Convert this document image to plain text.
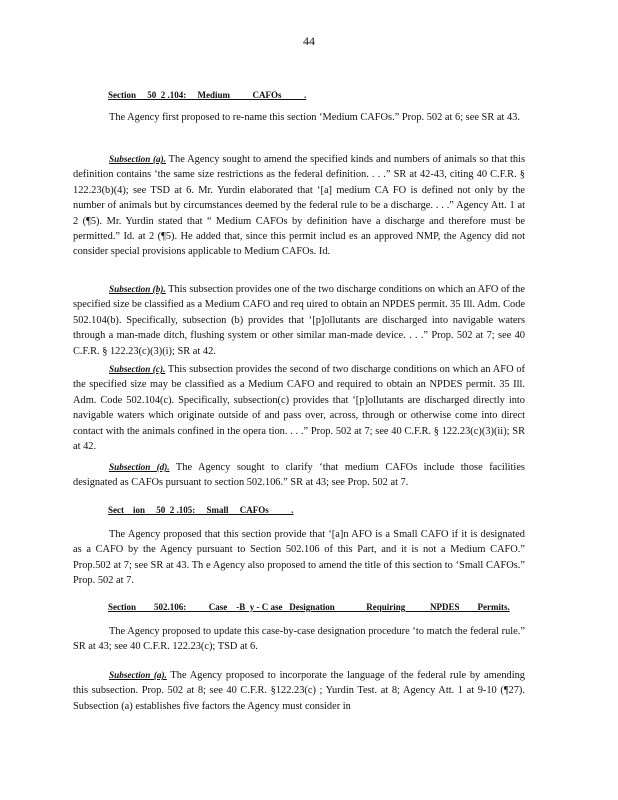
44
Section     50  2 .104:     Medium          CAFOs          .

The Agency first proposed to re-name this section ‘Medium CAFOs.” Prop. 502 at 6; see SR at 43.

Subsection (a). The Agency sought to amend the specified kinds and numbers of animals so that this definition contains ‘the same size restrictions as the federal definition. . . .” SR at 42-43, citing 40 C.F.R. § 122.23(b)(4); see TSD at 6. Mr. Yurdin elaborated that ‘[a] medium CA FO is defined not only by the number of animals but by circumstances deemed by the federal rule to be a discharge. . . .” Agency Att. 1 at 2 (¶5). Mr. Yurdin stated that “ Medium CAFOs by definition have a discharge and therefore must be permitted.” Id. at 2 (¶5). He added that, since this permit includ es an approved NMP, the Agency did not consider special provisions applicable to Medium CAFOs. Id.

Subsection (b). This subsection provides one of the two discharge conditions on which an AFO of the specified size be classified as a Medium CAFO and req uired to obtain an NPDES permit. 35 Ill. Adm. Code 502.104(b). Specifically, subsection (b) provides that ‘[p]ollutants are discharged into navigable waters through a man-made ditch, flushing system or other similar man-made device. . . .” Prop. 502 at 7; see 40 C.F.R. § 122.23(c)(3)(i); SR at 42.

Subsection (c). This subsection provides the second of two discharge conditions on which an AFO of the specified size may be classified as a Medium CAFO and required to obtain an NPDES permit. 35 Ill. Adm. Code 502.104(c). Specifically, subsection(c) provides that ‘[p]ollutants are discharged directly into navigable waters which originate outside of and pass over, across, through or otherwise come into direct contact with the animals confined in the opera tion. . . .” Prop. 502 at 7; see 40 C.F.R. § 122.23(c)(3)(ii); SR at 42.

Subsection (d). The Agency sought to clarify ‘that medium CAFOs include those facilities designated as CAFOs pursuant to section 502.106.” SR at 43; see Prop. 502 at 7.

Sect    ion     50  2 .105:     Small     CAFOs          .

The Agency proposed that this section provide that ‘[a]n AFO is a Small CAFO if it is designated as a CAFO by the Agency pursuant to Section 502.106 of this Part, and it is not a Medium CAFO.” Prop.502 at 7; see SR at 43. Th e Agency also proposed to amend the title of this section to ‘Small CAFOs.” Prop. 502 at 7.

Section        502.106:          Case    -B  y - C ase   Designation              Requiring           NPDES        Permits.

The Agency proposed to update this case-by-case designation procedure ‘to match the federal rule.” SR at 43; see 40 C.F.R. 122.23(c); TSD at 6.

Subsection (a). The Agency proposed to incorporate the language of the federal rule by amending this subsection. Prop. 502 at 8; see 40 C.F.R. §122.23(c) ; Yurdin Test. at 8; Agency Att. 1 at 9-10 (¶27). Subsection (a) establishes five factors the Agency must consider in
